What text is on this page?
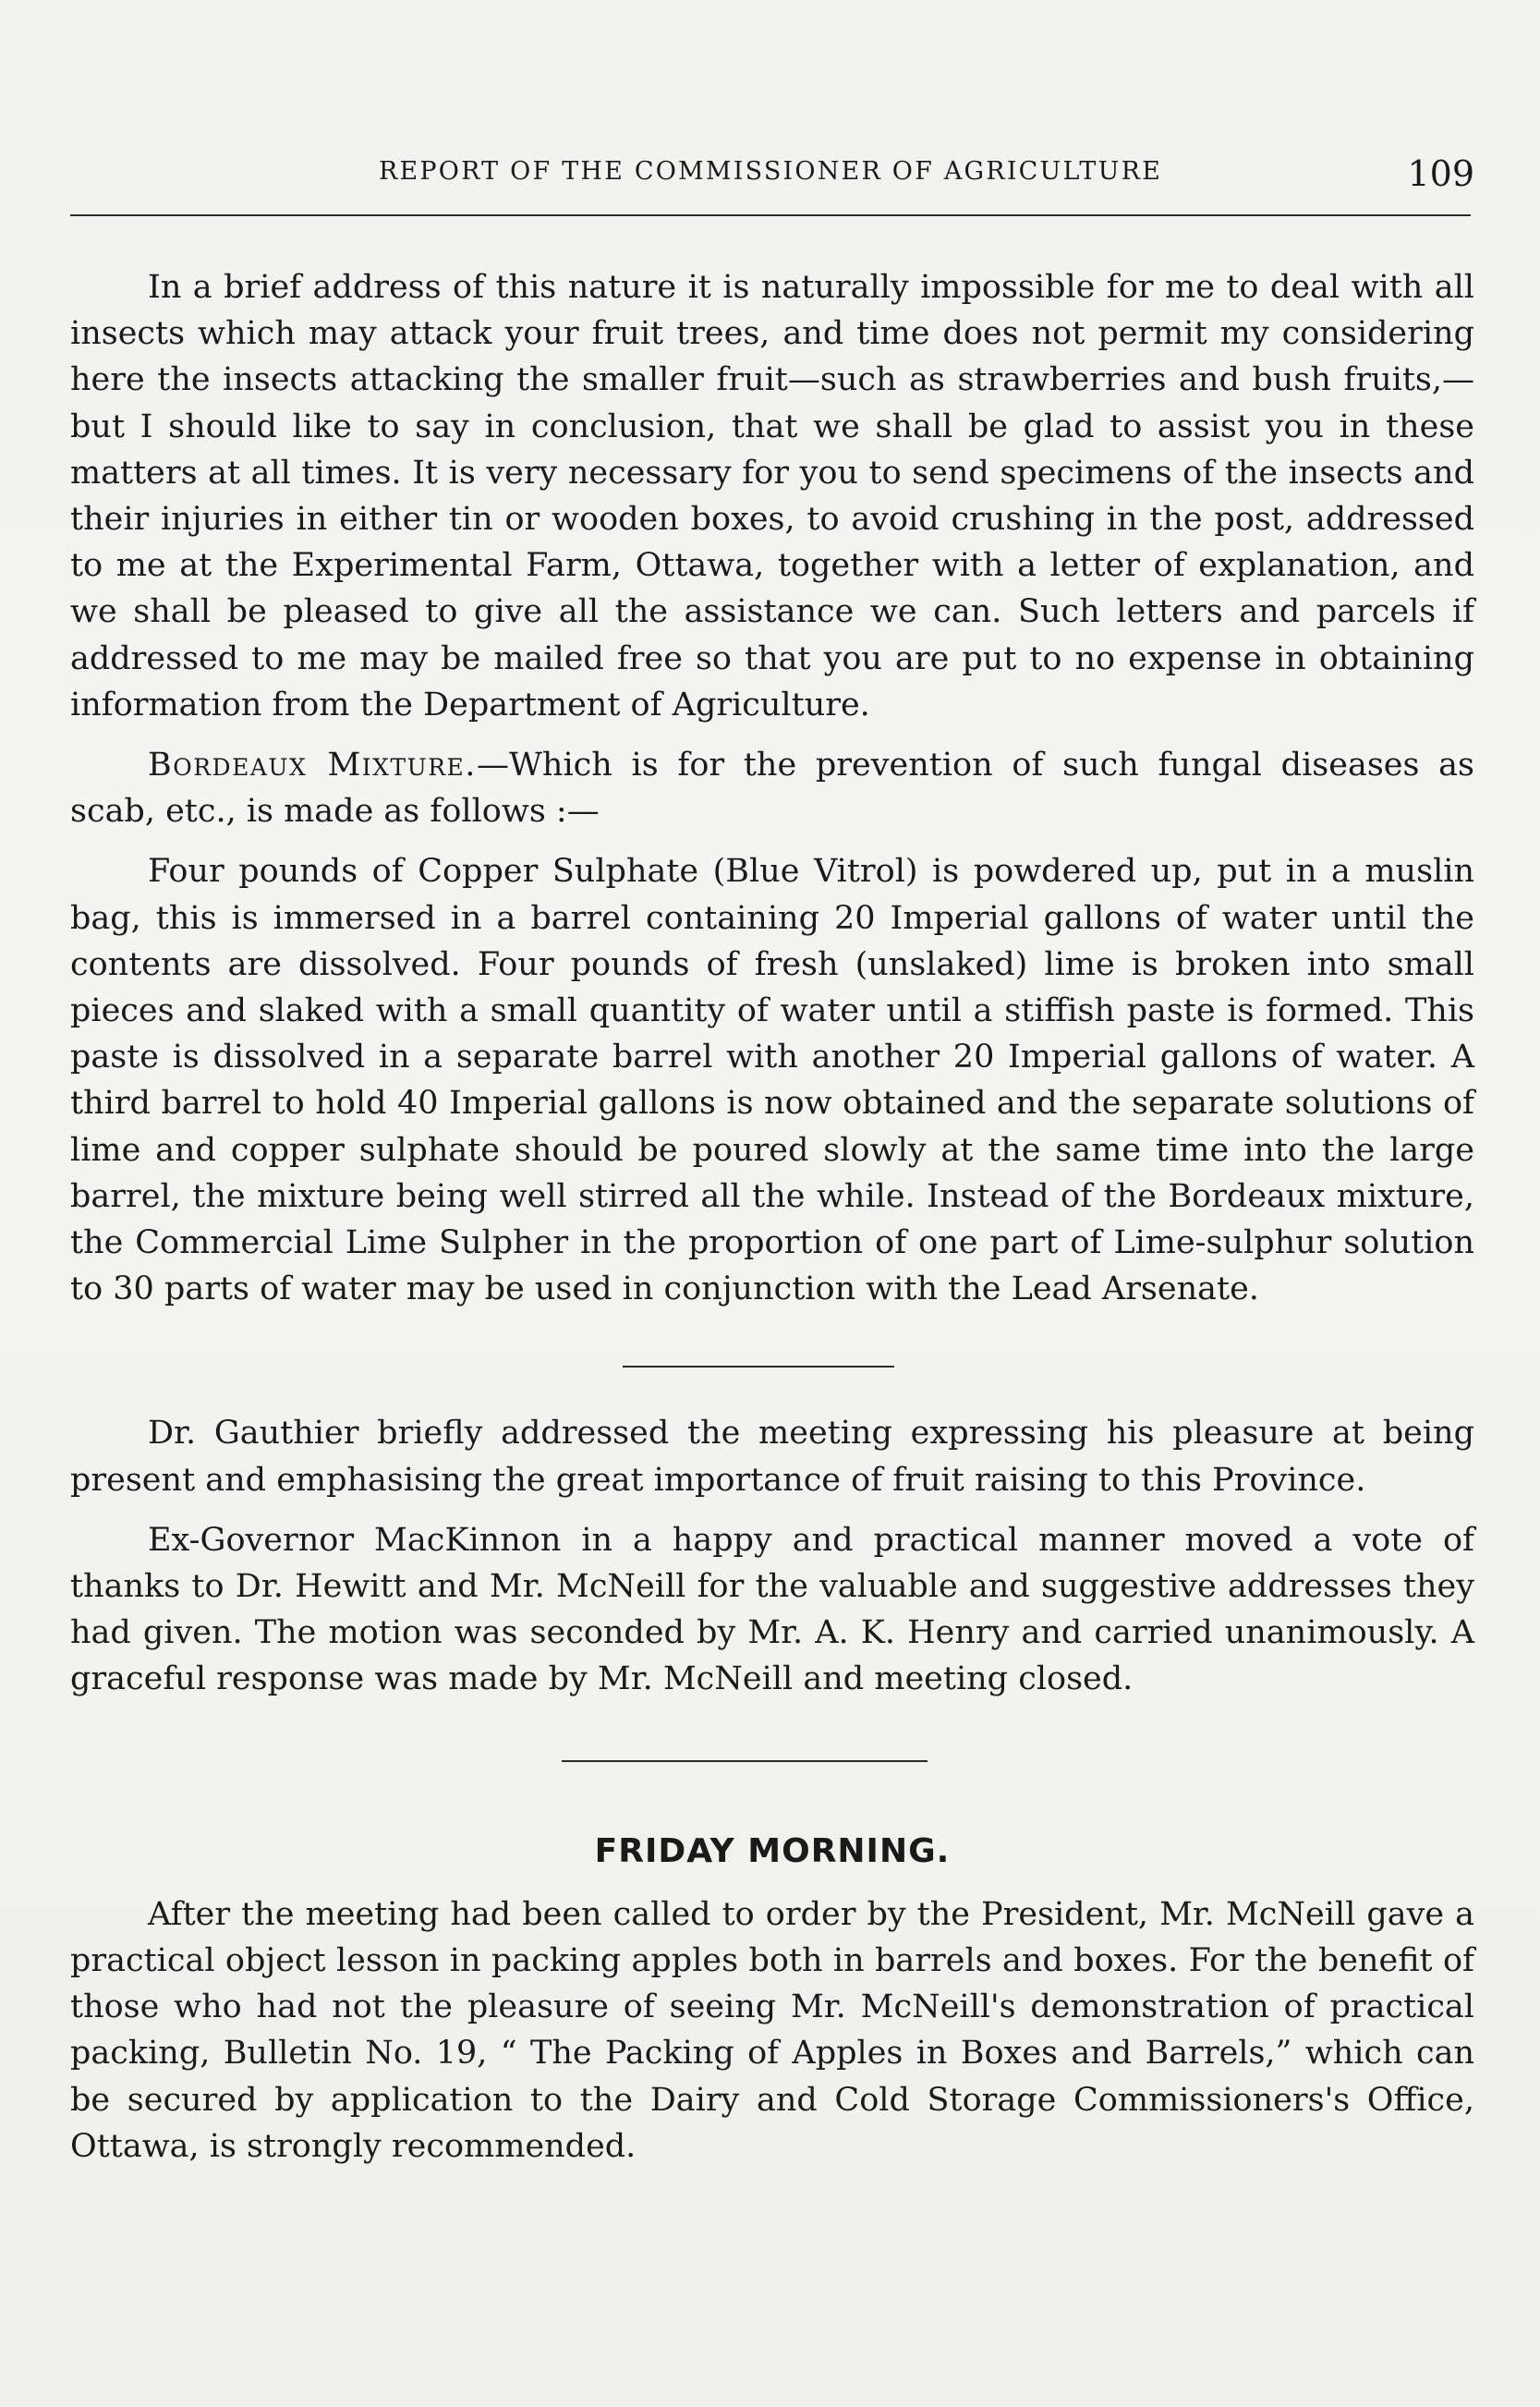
REPORT OF THE COMMISSIONER OF AGRICULTURE	109

In a brief address of this nature it is naturally impossible for me to deal with all insects which may attack your fruit trees, and time does not permit my considering here the insects attacking the smaller fruit—such as strawberries and bush fruits,—but I should like to say in conclusion, that we shall be glad to assist you in these matters at all times. It is very necessary for you to send specimens of the insects and their injuries in either tin or wooden boxes, to avoid crushing in the post, addressed to me at the Experimental Farm, Ottawa, together with a letter of explanation, and we shall be pleased to give all the assistance we can. Such letters and parcels if addressed to me may be mailed free so that you are put to no expense in obtaining information from the Department of Agriculture.

Bordeaux Mixture.—Which is for the prevention of such fungal diseases as scab, etc., is made as follows :—

Four pounds of Copper Sulphate (Blue Vitrol) is powdered up, put in a muslin bag, this is immersed in a barrel containing 20 Imperial gallons of water until the contents are dissolved. Four pounds of fresh (unslaked) lime is broken into small pieces and slaked with a small quantity of water until a stiffish paste is formed. This paste is dissolved in a separate barrel with another 20 Imperial gallons of water. A third barrel to hold 40 Imperial gallons is now obtained and the separate solutions of lime and copper sulphate should be poured slowly at the same time into the large barrel, the mixture being well stirred all the while. Instead of the Bordeaux mixture, the Commercial Lime Sulpher in the proportion of one part of Lime-sulphur solution to 30 parts of water may be used in conjunction with the Lead Arsenate.

Dr. Gauthier briefly addressed the meeting expressing his pleasure at being present and emphasising the great importance of fruit raising to this Province.

Ex-Governor MacKinnon in a happy and practical manner moved a vote of thanks to Dr. Hewitt and Mr. McNeill for the valuable and suggestive addresses they had given. The motion was seconded by Mr. A. K. Henry and carried unanimously. A graceful response was made by Mr. McNeill and meeting closed.

FRIDAY MORNING.

After the meeting had been called to order by the President, Mr. McNeill gave a practical object lesson in packing apples both in barrels and boxes. For the benefit of those who had not the pleasure of seeing Mr. McNeill's demonstration of practical packing, Bulletin No. 19, “ The Packing of Apples in Boxes and Barrels,” which can be secured by application to the Dairy and Cold Storage Commissioners's Office, Ottawa, is strongly recommended.
